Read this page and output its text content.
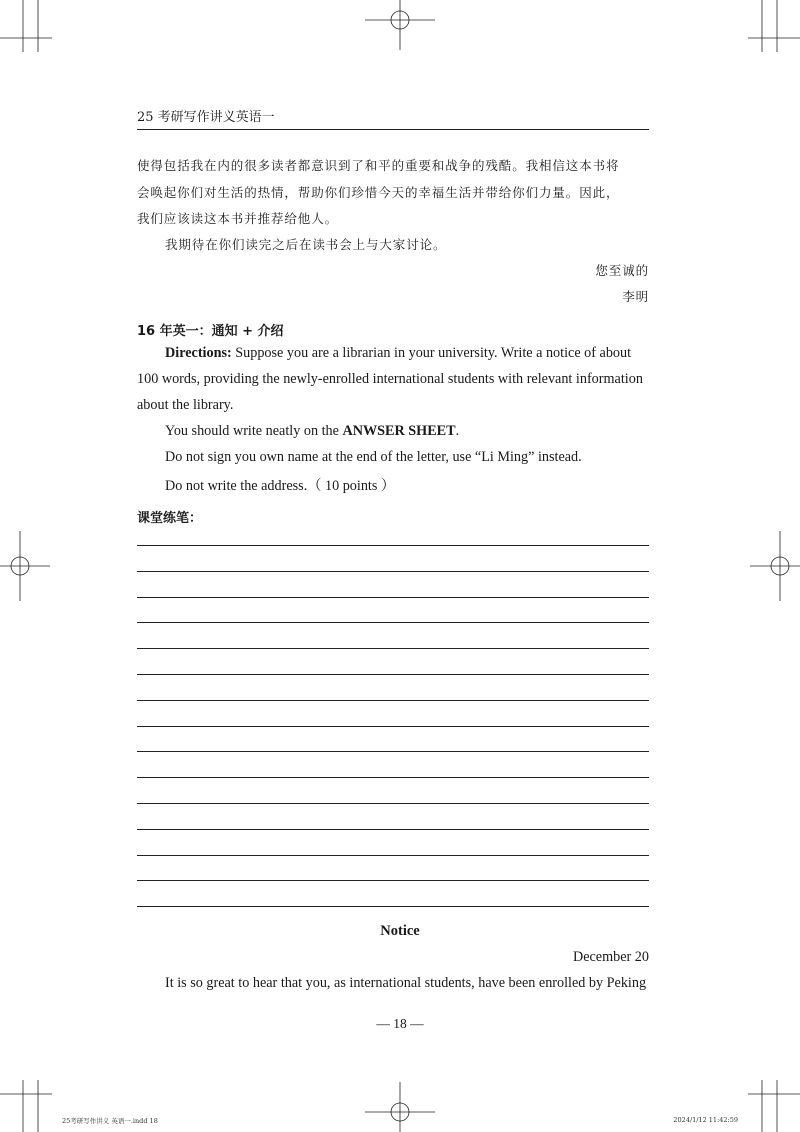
25 考研写作讲义英语一
使得包括我在内的很多读者都意识到了和平的重要和战争的残酷。我相信这本书将
会唤起你们对生活的热情，帮助你们珍惜今天的幸福生活并带给你们力量。因此，
我们应该读这本书并推荐给他人。
我期待在你们读完之后在读书会上与大家讨论。
您至诚的
李明
16 年英一：通知 + 介绍
Directions: Suppose you are a librarian in your university. Write a notice of about
100 words, providing the newly-enrolled international students with relevant information
about the library.
You should write neatly on the ANWSER SHEET.
Do not sign you own name at the end of the letter, use “Li Ming” instead.
Do not write the address.（ 10 points ）
课堂练笔：
Notice
December 20
It is so great to hear that you, as international students, have been enrolled by Peking
— 18 —
25考研写作讲义 英语一.indd 18	2024/1/12 11:42:59
